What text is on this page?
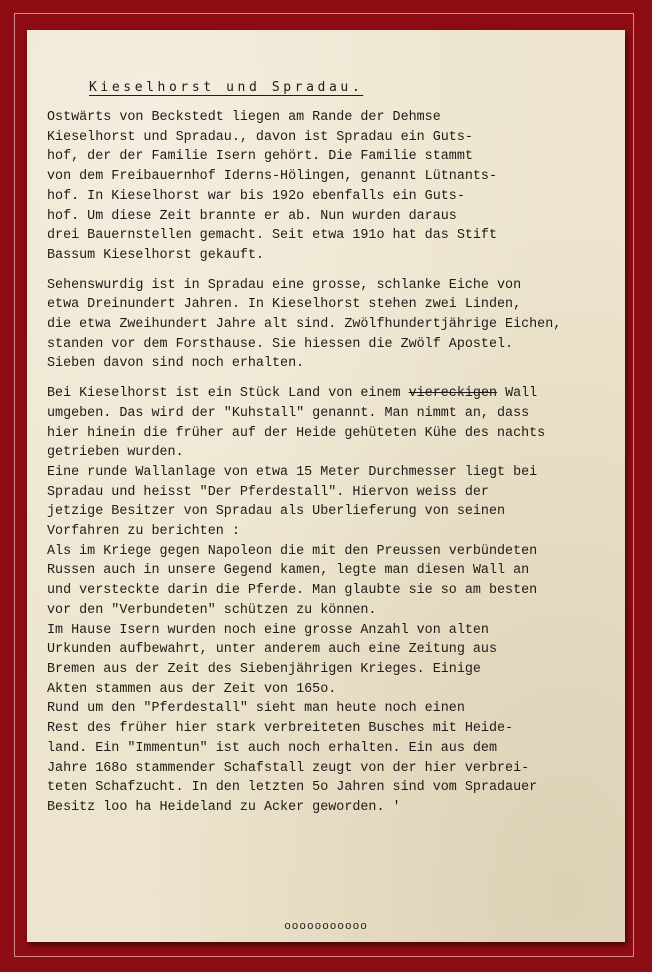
Kieselhorst und Spradau.

Ostwärts von Beckstedt liegen am Rande der Dehmse
Kieselhorst und Spradau., davon ist Spradau ein Guts-
hof, der der Familie Isern gehört. Die Familie stammt
von dem Freibauernhof Iderns-Hölingen, genannt Lütnants-
hof. In Kieselhorst war bis 192o ebenfalls ein Guts-
hof. Um diese Zeit brannte er ab. Nun wurden daraus
drei Bauernstellen gemacht. Seit etwa 191o hat das Stift
Bassum Kieselhorst gekauft.

Sehenswurdig ist in Spradau eine grosse, schlanke Eiche von
etwa Dreinundert Jahren. In Kieselhorst stehen zwei Linden,
die etwa Zweihundert Jahre alt sind. Zwölfhundertjährige Eichen,
standen vor dem Forsthause. Sie hiessen die Zwölf Apostel.
Sieben davon sind noch erhalten.

Bei Kieselhorst ist ein Stück Land von einem viereckigen Wall
umgeben. Das wird der "Kuhstall" genannt. Man nimmt an, dass
hier hinein die früher auf der Heide gehüteten Kühe des nachts
getrieben wurden.

Eine runde Wallanlage von etwa 15 Meter Durchmesser liegt bei
Spradau und heisst "Der Pferdestall". Hiervon weiss der
jetzige Besitzer von Spradau als Uberlieferung von seinen
Vorfahren zu berichten :
Als im Kriege gegen Napoleon die mit den Preussen verbündeten
Russen auch in unsere Gegend kamen, legte man diesen Wall an
und versteckte darin die Pferde. Man glaubte sie so am besten
vor den "Verbundeten" schützen zu können.
Im Hause Isern wurden noch eine grosse Anzahl von alten
Urkunden aufbewahrt, unter anderem auch eine Zeitung aus
Bremen aus der Zeit des Siebenjährigen Krieges. Einige
Akten stammen aus der Zeit von 165o.
Rund um den "Pferdestall" sieht man heute noch einen
Rest des früher hier stark verbreiteten Busches mit Heide-
land. Ein "Immentun" ist auch noch erhalten. Ein aus dem
Jahre 168o stammender Schafstall zeugt von der hier verbrei-
teten Schafzucht. In den letzten 5o Jahren sind vom Spradauer
Besitz loo ha Heideland zu Acker geworden. '

ooooooooooo
